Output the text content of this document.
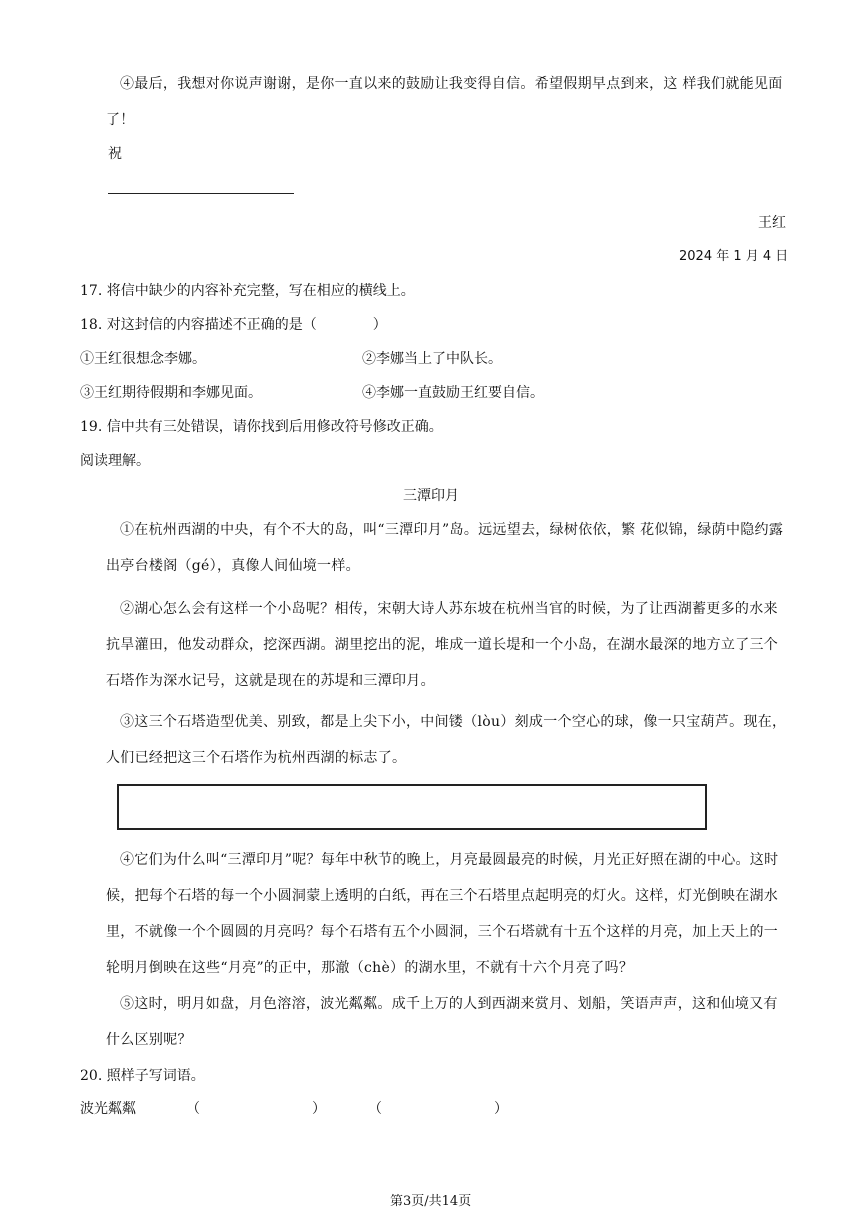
④最后，我想对你说声谢谢，是你一直以来的鼓励让我变得自信。希望假期早点到来，这 样我们就能见面了！
祝
王红
2024 年 1 月 4 日
17. 将信中缺少的内容补充完整，写在相应的横线上。
18. 对这封信的内容描述不正确的是（　　　　）
①王红很想念李娜。	②李娜当上了中队长。
③王红期待假期和李娜见面。	④李娜一直鼓励王红要自信。
19. 信中共有三处错误，请你找到后用修改符号修改正确。
阅读理解。
三潭印月
①在杭州西湖的中央，有个不大的岛，叫“三潭印月”岛。远远望去，绿树依依，繁 花似锦，绿荫中隐约露出亭台楼阁（gé），真像人间仙境一样。
②湖心怎么会有这样一个小岛呢？相传，宋朝大诗人苏东坡在杭州当官的时候，为了让西湖蓄更多的水来抗旱灌田，他发动群众，挖深西湖。湖里挖出的泥，堆成一道长堤和一个小岛，在湖水最深的地方立了三个石塔作为深水记号，这就是现在的苏堤和三潭印月。
③这三个石塔造型优美、别致，都是上尖下小，中间镂（lòu）刻成一个空心的球，像一只宝葫芦。现在，人们已经把这三个石塔作为杭州西湖的标志了。
④它们为什么叫“三潭印月”呢？每年中秋节的晚上，月亮最圆最亮的时候，月光正好照在湖的中心。这时候，把每个石塔的每一个小圆洞蒙上透明的白纸，再在三个石塔里点起明亮的灯火。这样，灯光倒映在湖水里，不就像一个个圆圆的月亮吗？每个石塔有五个小圆洞，三个石塔就有十五个这样的月亮，加上天上的一轮明月倒映在这些“月亮”的正中，那澈（chè）的湖水里，不就有十六个月亮了吗？
⑤这时，明月如盘，月色溶溶，波光粼粼。成千上万的人到西湖来赏月、划船，笑语声声，这和仙境又有什么区别呢？
20. 照样子写词语。
波光粼粼	（　　　　　　　　）	（　　　　　　　　）
第3页/共14页
